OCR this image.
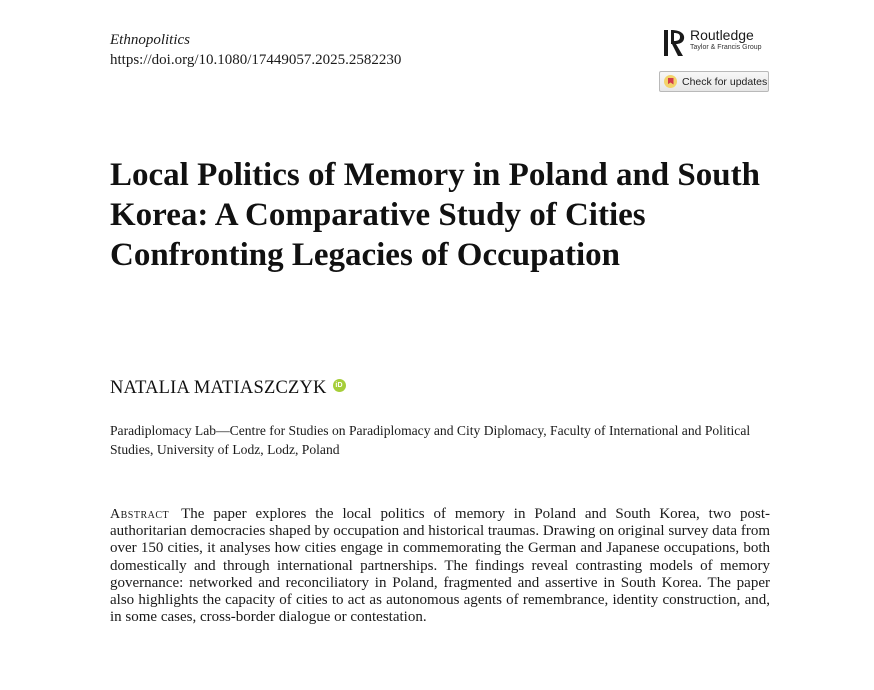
Ethnopolitics
https://doi.org/10.1080/17449057.2025.2582230
Routledge
Taylor & Francis Group
Check for updates
Local Politics of Memory in Poland and South Korea: A Comparative Study of Cities Confronting Legacies of Occupation
NATALIA MATIASZCZYK	iD
Paradiplomacy Lab—Centre for Studies on Paradiplomacy and City Diplomacy, Faculty of International and Political Studies, University of Lodz, Lodz, Poland

Abstract The paper explores the local politics of memory in Poland and South Korea, two post-authoritarian democracies shaped by occupation and historical traumas. Drawing on original survey data from over 150 cities, it analyses how cities engage in commemorating the German and Japanese occupations, both domestically and through international partnerships. The findings reveal contrasting models of memory governance: networked and reconciliatory in Poland, fragmented and assertive in South Korea. The paper also highlights the capacity of cities to act as autonomous agents of remembrance, identity construction, and, in some cases, cross-border dialogue or contestation.
